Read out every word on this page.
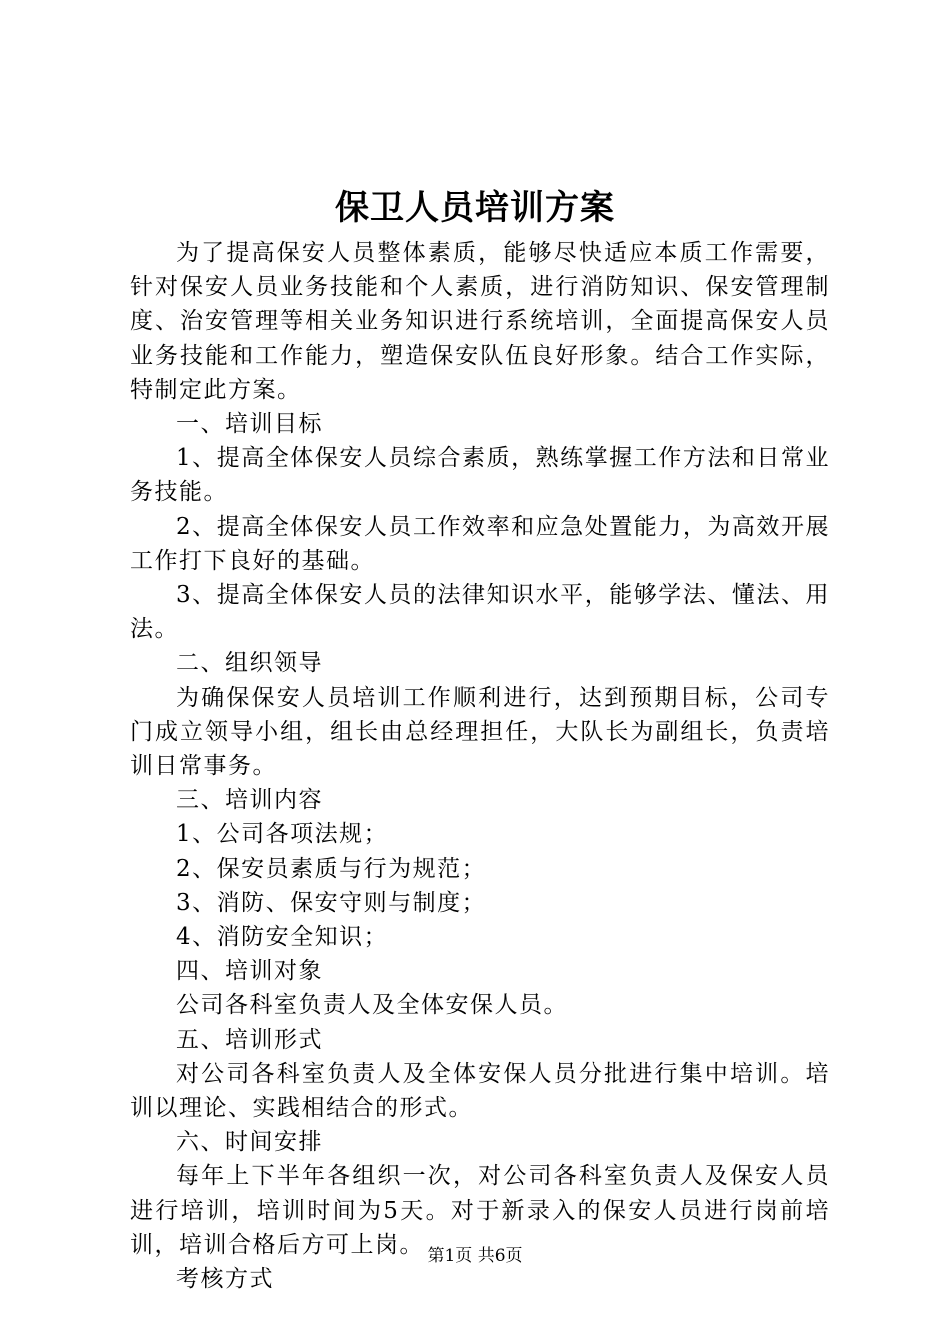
保卫人员培训方案

为了提高保安人员整体素质，能够尽快适应本质工作需要，针对保安人员业务技能和个人素质，进行消防知识、保安管理制度、治安管理等相关业务知识进行系统培训，全面提高保安人员业务技能和工作能力，塑造保安队伍良好形象。结合工作实际，特制定此方案。

一、培训目标

1、提高全体保安人员综合素质，熟练掌握工作方法和日常业务技能。

2、提高全体保安人员工作效率和应急处置能力，为高效开展工作打下良好的基础。

3、提高全体保安人员的法律知识水平，能够学法、懂法、用法。

二、组织领导

为确保保安人员培训工作顺利进行，达到预期目标，公司专门成立领导小组，组长由总经理担任，大队长为副组长，负责培训日常事务。

三、培训内容

1、公司各项法规；

2、保安员素质与行为规范；

3、消防、保安守则与制度；

4、消防安全知识；

四、培训对象

公司各科室负责人及全体安保人员。

五、培训形式

对公司各科室负责人及全体安保人员分批进行集中培训。培训以理论、实践相结合的形式。

六、时间安排

每年上下半年各组织一次，对公司各科室负责人及保安人员进行培训，培训时间为5天。对于新录入的保安人员进行岗前培训，培训合格后方可上岗。

考核方式

第1页 共6页
